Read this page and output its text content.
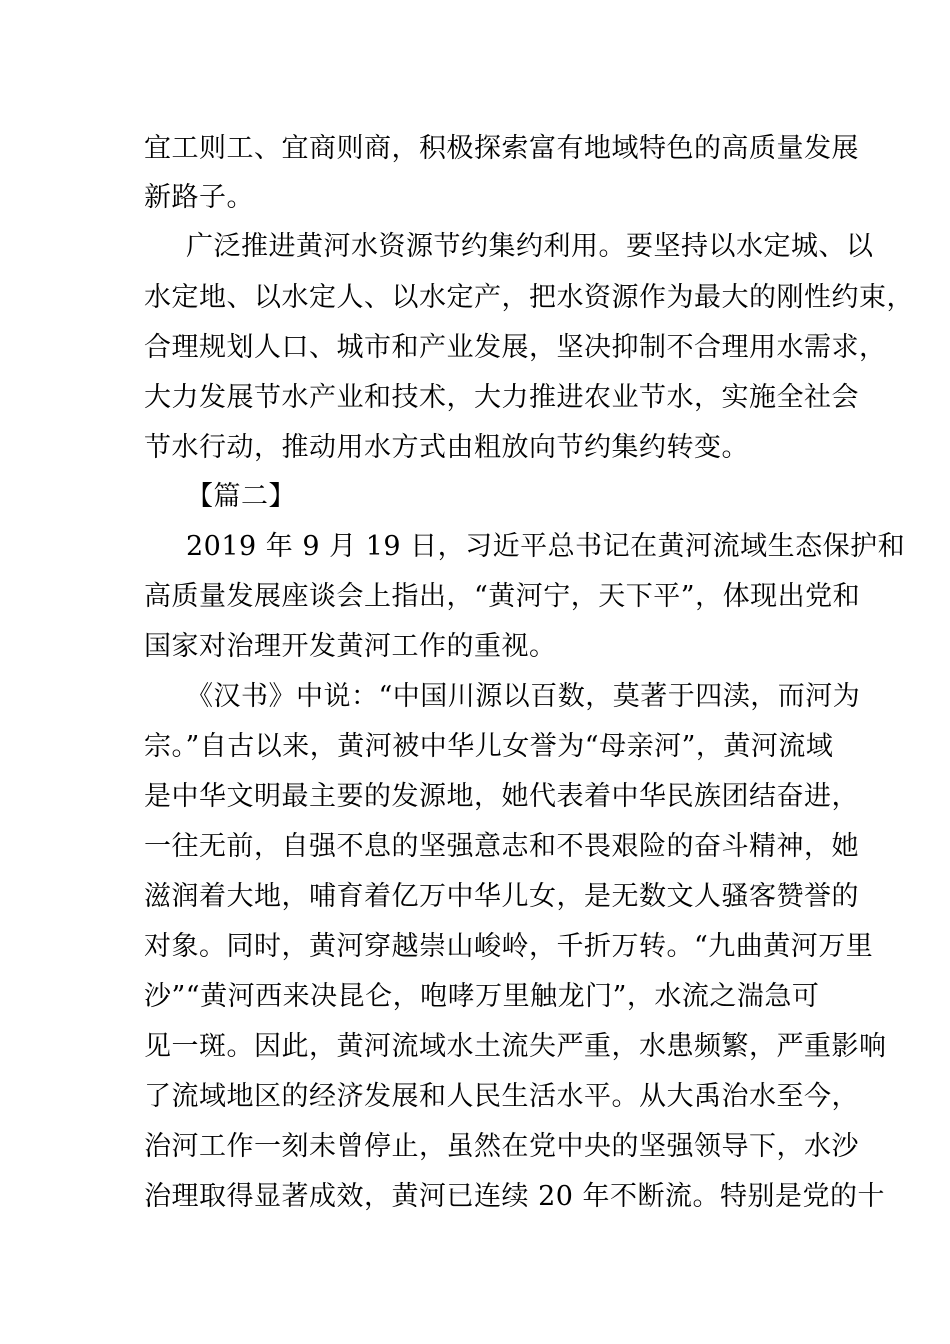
宜工则工、宜商则商，积极探索富有地域特色的高质量发展
新路子。
广泛推进黄河水资源节约集约利用。要坚持以水定城、以
水定地、以水定人、以水定产，把水资源作为最大的刚性约束，
合理规划人口、城市和产业发展，坚决抑制不合理用水需求，
大力发展节水产业和技术，大力推进农业节水，实施全社会
节水行动，推动用水方式由粗放向节约集约转变。
【篇二】
2019 年 9 月 19 日，习近平总书记在黄河流域生态保护和
高质量发展座谈会上指出，“黄河宁，天下平”，体现出党和
国家对治理开发黄河工作的重视。
《汉书》中说：“中国川源以百数，莫著于四渎，而河为
宗。”自古以来，黄河被中华儿女誉为“母亲河”，黄河流域
是中华文明最主要的发源地，她代表着中华民族团结奋进，
一往无前，自强不息的坚强意志和不畏艰险的奋斗精神，她
滋润着大地，哺育着亿万中华儿女，是无数文人骚客赞誉的
对象。同时，黄河穿越崇山峻岭，千折万转。“九曲黄河万里
沙”“黄河西来决昆仑，咆哮万里触龙门”，水流之湍急可
见一斑。因此，黄河流域水土流失严重，水患频繁，严重影响
了流域地区的经济发展和人民生活水平。从大禹治水至今，
治河工作一刻未曾停止，虽然在党中央的坚强领导下，水沙
治理取得显著成效，黄河已连续 20 年不断流。特别是党的十
